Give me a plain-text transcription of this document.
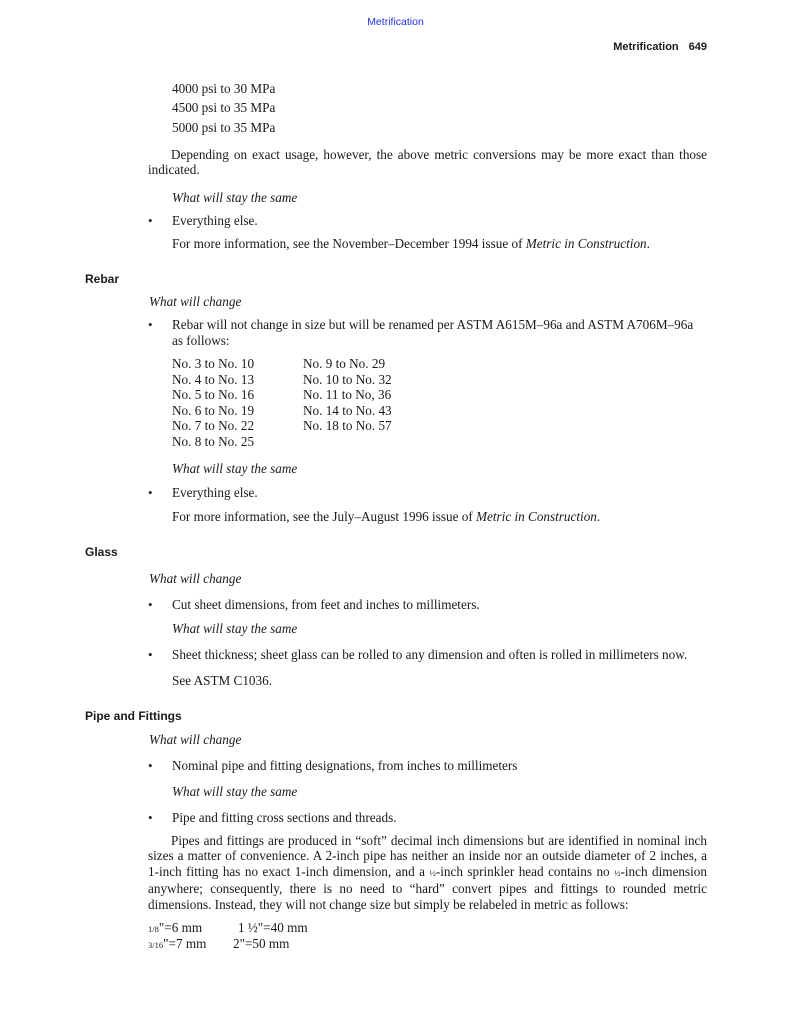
Metrification
Metrification 649
4000 psi to 30 MPa
4500 psi to 35 MPa
5000 psi to 35 MPa
Depending on exact usage, however, the above metric conversions may be more exact than those indicated.
What will stay the same
• Everything else.
For more information, see the November–December 1994 issue of Metric in Construction.
Rebar
What will change
• Rebar will not change in size but will be renamed per ASTM A615M–96a and ASTM A706M–96a
as follows:
No. 3 to No. 10
No. 4 to No. 13
No. 5 to No. 16
No. 6 to No. 19
No. 7 to No. 22
No. 8 to No. 25
No. 9 to No. 29
No. 10 to No. 32
No. 11 to No, 36
No. 14 to No. 43
No. 18 to No. 57
What will stay the same
• Everything else.
For more information, see the July–August 1996 issue of Metric in Construction.
Glass
What will change
• Cut sheet dimensions, from feet and inches to millimeters.
What will stay the same
• Sheet thickness; sheet glass can be rolled to any dimension and often is rolled in millimeters now.
See ASTM C1036.
Pipe and Fittings
What will change
• Nominal pipe and fitting designations, from inches to millimeters
What will stay the same
• Pipe and fitting cross sections and threads.
Pipes and fittings are produced in “soft” decimal inch dimensions but are identified in nominal inch sizes a matter of convenience. A 2-inch pipe has neither an inside nor an outside diameter of 2 inches, a 1-inch fitting has no exact 1-inch dimension, and a ½-inch sprinkler head contains no ½-inch dimension anywhere; consequently, there is no need to “hard” convert pipes and fittings to rounded metric dimensions. Instead, they will not change size but simply be relabeled in metric as follows:
1/8"=6 mm	1 ½"=40 mm
3/16"=7 mm 2"=50 mm
